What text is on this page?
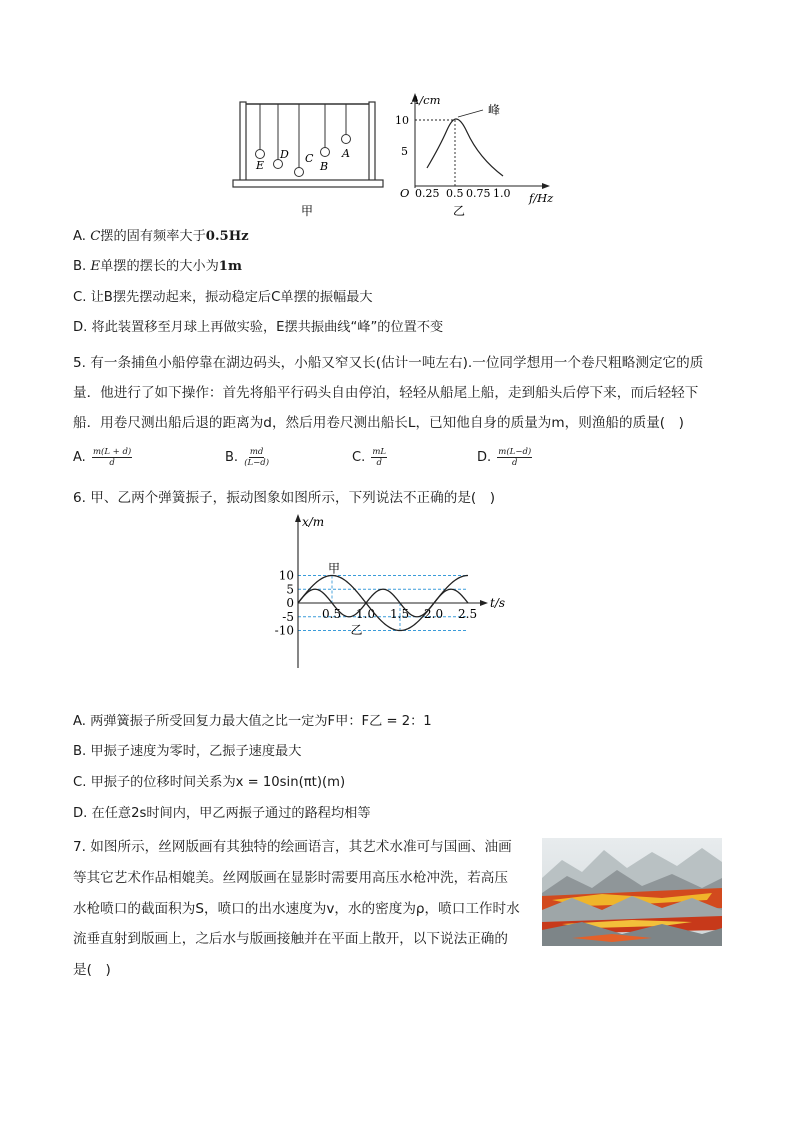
E
D C
B
A
甲
A/cm
f/Hz
O
10
5
峰
0.25 0.5 0.75 1.0
乙
A. C摆的固有频率大于0.5Hz
B. E单摆的摆长的大小为1m
C. 让B摆先摆动起来，振动稳定后C单摆的振幅最大
D. 将此装置移至月球上再做实验，E摆共振曲线“峰”的位置不变
5. 有一条捕鱼小船停靠在湖边码头，小船又窄又长(估计一吨左右).一位同学想用一个卷尺粗略测定它的质
量．他进行了如下操作：首先将船平行码头自由停泊，轻轻从船尾上船，走到船头后停下来，而后轻轻下
船．用卷尺测出船后退的距离为d，然后用卷尺测出船长L，已知他自身的质量为m，则渔船的质量(　)
A. $\frac{m(L + d)}{d}$	B. $\frac{md}{(L-d)}$	C. $\frac{mL}{d}$	D. $\frac{m(L-d)}{d}$
6. 甲、乙两个弹簧振子，振动图象如图所示，下列说法不正确的是(　)
x/m
t/s
10
5
0
-5
-10
0.5 1.0 1.5 2.0 2.5
甲
乙
A. 两弹簧振子所受回复力最大值之比一定为F甲：F乙 = 2：1
B. 甲振子速度为零时，乙振子速度最大
C. 甲振子的位移时间关系为x = 10sin(πt)(m)
D. 在任意2s时间内，甲乙两振子通过的路程均相等
7. 如图所示，丝网版画有其独特的绘画语言，其艺术水准可与国画、油画
等其它艺术作品相媲美。丝网版画在显影时需要用高压水枪冲洗，若高压
水枪喷口的截面积为S，喷口的出水速度为v，水的密度为ρ，喷口工作时水
流垂直射到版画上，之后水与版画接触并在平面上散开，以下说法正确的
是(　)
